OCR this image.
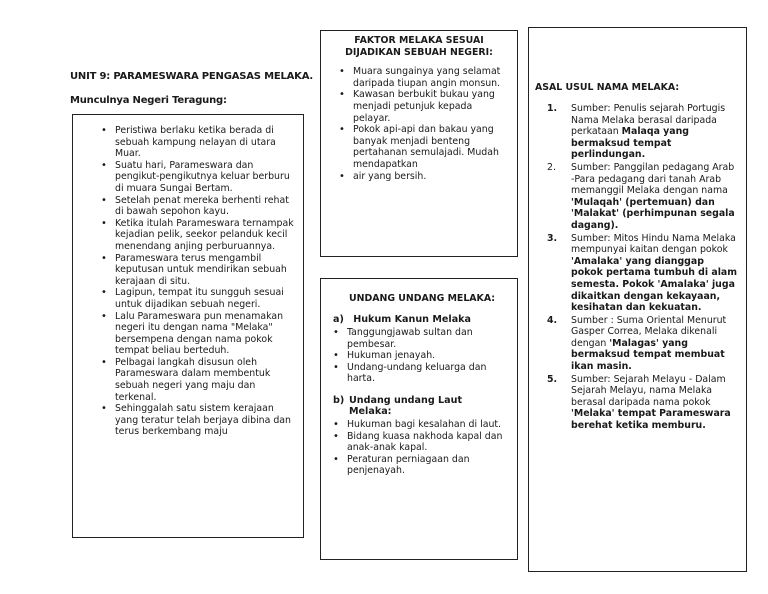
UNIT 9: PARAMESWARA PENGASAS MELAKA.
Munculnya Negeri Teragung:
• Peristiwa berlaku ketika berada di sebuah kampung nelayan di utara Muar.
• Suatu hari, Parameswara dan pengikut-pengikutnya keluar berburu di muara Sungai Bertam.
• Setelah penat mereka berhenti rehat di bawah sepohon kayu.
• Ketika itulah Parameswara ternampak kejadian pelik, seekor pelanduk kecil menendang anjing perburuannya.
• Parameswara terus mengambil keputusan untuk mendirikan sebuah kerajaan di situ.
• Lagipun, tempat itu sungguh sesuai untuk dijadikan sebuah negeri.
• Lalu Parameswara pun menamakan negeri itu dengan nama "Melaka" bersempena dengan nama pokok tempat beliau berteduh.
• Pelbagai langkah disusun oleh Parameswara dalam membentuk sebuah negeri yang maju dan terkenal.
• Sehinggalah satu sistem kerajaan yang teratur telah berjaya dibina dan terus berkembang maju
FAKTOR MELAKA SESUAI
DIJADIKAN SEBUAH NEGERI:
• Muara sungainya yang selamat daripada tiupan angin monsun.
• Kawasan berbukit bukau yang menjadi petunjuk kepada pelayar.
• Pokok api-api dan bakau yang banyak menjadi benteng pertahanan semulajadi. Mudah mendapatkan
• air yang bersih.
UNDANG UNDANG MELAKA:
a) Hukum Kanun Melaka
• Tanggungjawab sultan dan pembesar.
• Hukuman jenayah.
• Undang-undang keluarga dan harta.
b) Undang undang Laut Melaka:
• Hukuman bagi kesalahan di laut.
• Bidang kuasa nakhoda kapal dan anak-anak kapal.
• Peraturan perniagaan dan penjenayah.
ASAL USUL NAMA MELAKA:
1. Sumber: Penulis sejarah Portugis Nama Melaka berasal daripada perkataan Malaqa yang bermaksud tempat perlindungan.
2. Sumber: Panggilan pedagang Arab -Para pedagang dari tanah Arab memanggil Melaka dengan nama 'Mulaqah' (pertemuan) dan 'Malakat' (perhimpunan segala dagang).
3. Sumber: Mitos Hindu Nama Melaka mempunyai kaitan dengan pokok 'Amalaka' yang dianggap pokok pertama tumbuh di alam semesta. Pokok 'Amalaka' juga dikaitkan dengan kekayaan, kesihatan dan kekuatan.
4. Sumber : Suma Oriental Menurut Gasper Correa, Melaka dikenali dengan 'Malagas' yang bermaksud tempat membuat ikan masin.
5. Sumber: Sejarah Melayu - Dalam Sejarah Melayu, nama Melaka berasal daripada nama pokok 'Melaka' tempat Parameswara berehat ketika memburu.
